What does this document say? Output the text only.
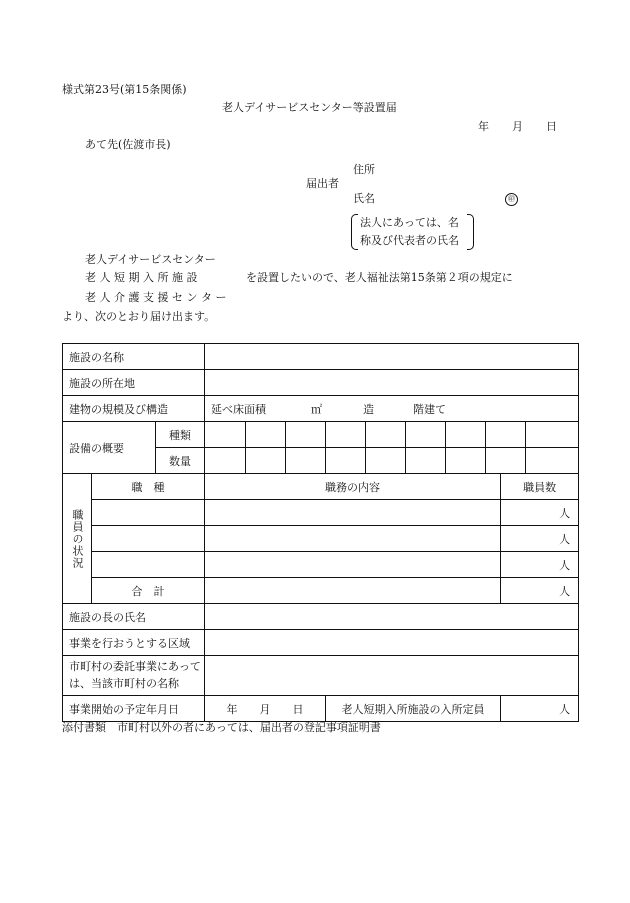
様式第23号(第15条関係)
老人デイサービスセンター等設置届
年 月 日
あて先(佐渡市長)
住所
届出者
氏名	㊞
法人にあっては、名
称及び代表者の氏名
老人デイサービスセンター
老 人 短 期 入 所 施 設	を設置したいので、老人福祉法第15条第２項の規定に
老 人 介 護 支 援 セ ン タ ー
より、次のとおり届け出ます。
施設の名称												
施設の所在地												
建物の規模及び構造			延べ床面積 ㎡ 造 階建て									
設備の概要		種類										
		数量										

職員の状況	職　種		職務の内容								職員数	
											人	
											人	
											人	
	合　計										人	
施設の長の氏名												
事業を行おうとする区域												
市町村の委託事業にあっては、当該市町村の名称												
事業開始の予定年月日			年　　 月　　 日			老人短期入所施設の入所定員					人	
添付書類　市町村以外の者にあっては、届出者の登記事項証明書
